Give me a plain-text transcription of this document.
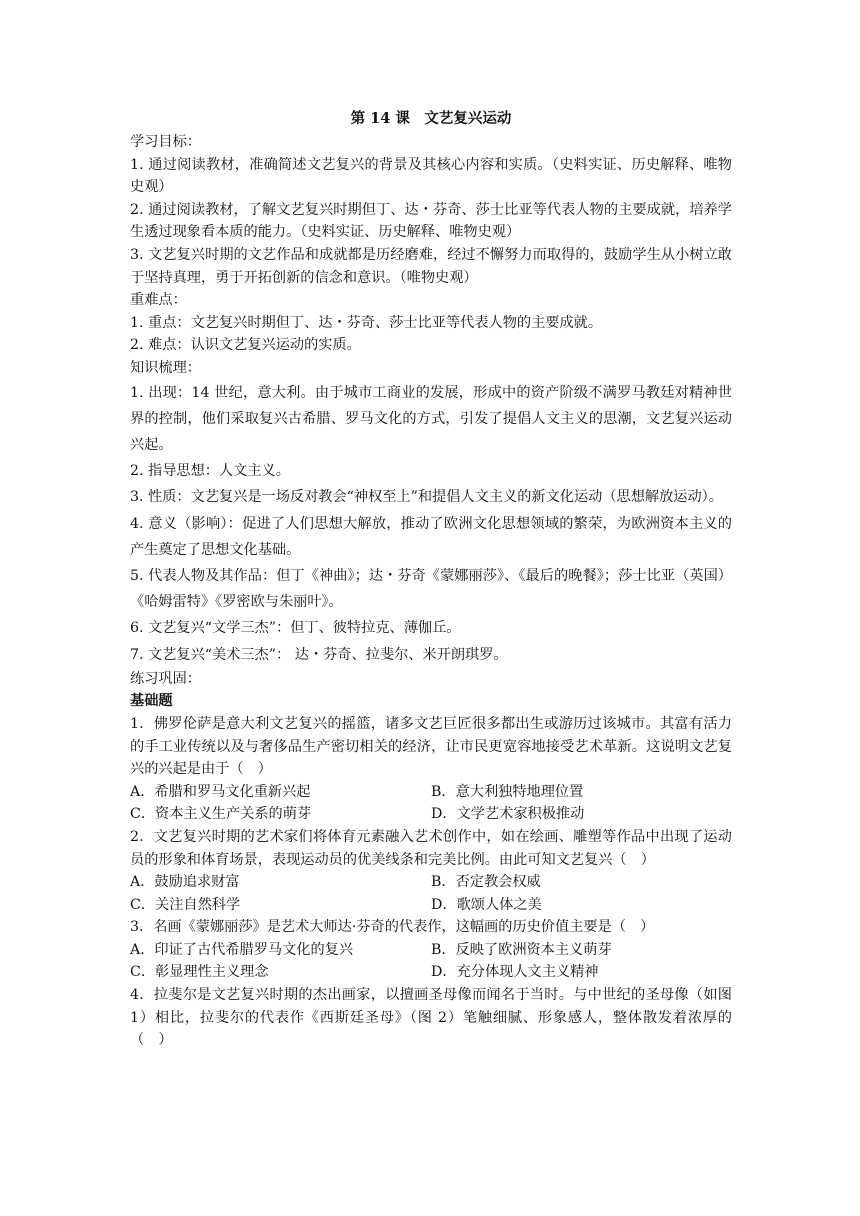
第 14 课　文艺复兴运动
学习目标：
1. 通过阅读教材，准确简述文艺复兴的背景及其核心内容和实质。（史料实证、历史解释、唯物史观）
2. 通过阅读教材，了解文艺复兴时期但丁、达・芬奇、莎士比亚等代表人物的主要成就，培养学生透过现象看本质的能力。（史料实证、历史解释、唯物史观）
3. 文艺复兴时期的文艺作品和成就都是历经磨难，经过不懈努力而取得的，鼓励学生从小树立敢于坚持真理，勇于开拓创新的信念和意识。（唯物史观）
重难点：
1. 重点：文艺复兴时期但丁、达・芬奇、莎士比亚等代表人物的主要成就。
2. 难点：认识文艺复兴运动的实质。
知识梳理：
1. 出现：14 世纪，意大利。由于城市工商业的发展，形成中的资产阶级不满罗马教廷对精神世界的控制，他们采取复兴古希腊、罗马文化的方式，引发了提倡人文主义的思潮，文艺复兴运动兴起。
2. 指导思想：人文主义。
3. 性质：文艺复兴是一场反对教会“神权至上”和提倡人文主义的新文化运动（思想解放运动）。
4. 意义（影响）：促进了人们思想大解放，推动了欧洲文化思想领域的繁荣，为欧洲资本主义的产生奠定了思想文化基础。
5. 代表人物及其作品：但丁《神曲》；达・芬奇《蒙娜丽莎》、《最后的晚餐》；莎士比亚（英国）《哈姆雷特》《罗密欧与朱丽叶》。
6. 文艺复兴“文学三杰”：但丁、彼特拉克、薄伽丘。
7. 文艺复兴“美术三杰”： 达・芬奇、拉斐尔、米开朗琪罗。
练习巩固：
基础题
1．佛罗伦萨是意大利文艺复兴的摇篮，诸多文艺巨匠很多都出生或游历过该城市。其富有活力的手工业传统以及与奢侈品生产密切相关的经济，让市民更宽容地接受艺术革新。这说明文艺复兴的兴起是由于（　）
A．希腊和罗马文化重新兴起	B．意大利独特地理位置
C．资本主义生产关系的萌芽	D．文学艺术家积极推动
2．文艺复兴时期的艺术家们将体育元素融入艺术创作中，如在绘画、雕塑等作品中出现了运动员的形象和体育场景，表现运动员的优美线条和完美比例。由此可知文艺复兴（　）
A．鼓励追求财富	B．否定教会权威
C．关注自然科学	D．歌颂人体之美
3．名画《蒙娜丽莎》是艺术大师达·芬奇的代表作，这幅画的历史价值主要是（　）
A．印证了古代希腊罗马文化的复兴	B．反映了欧洲资本主义萌芽
C．彰显理性主义理念	D．充分体现人文主义精神
4．拉斐尔是文艺复兴时期的杰出画家，以擅画圣母像而闻名于当时。与中世纪的圣母像（如图 1）相比，拉斐尔的代表作《西斯廷圣母》（图 2）笔触细腻、形象感人，整体散发着浓厚的（　）
